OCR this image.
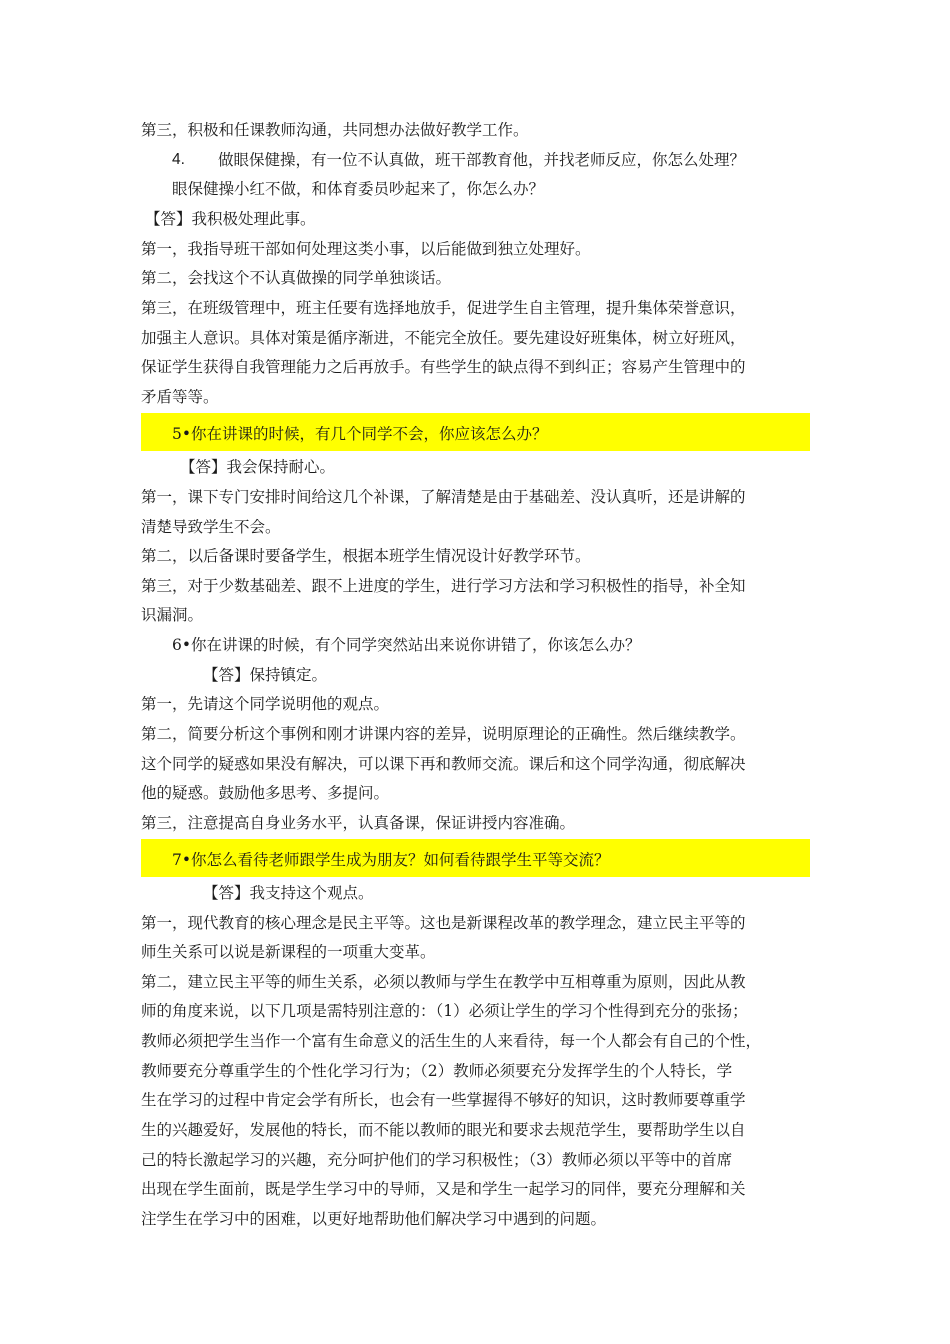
第三，积极和任课教师沟通，共同想办法做好教学工作。
4. 做眼保健操，有一位不认真做，班干部教育他，并找老师反应，你怎么处理？
眼保健操小红不做，和体育委员吵起来了，你怎么办？
【答】我积极处理此事。
第一，我指导班干部如何处理这类小事，以后能做到独立处理好。
第二，会找这个不认真做操的同学单独谈话。
第三，在班级管理中，班主任要有选择地放手，促进学生自主管理，提升集体荣誉意识，
加强主人意识。具体对策是循序渐进，不能完全放任。要先建设好班集体，树立好班风，
保证学生获得自我管理能力之后再放手。有些学生的缺点得不到纠正；容易产生管理中的
矛盾等等。
5•你在讲课的时候，有几个同学不会，你应该怎么办？
【答】我会保持耐心。
第一，课下专门安排时间给这几个补课，了解清楚是由于基础差、没认真听，还是讲解的
清楚导致学生不会。
第二，以后备课时要备学生，根据本班学生情况设计好教学环节。
第三，对于少数基础差、跟不上进度的学生，进行学习方法和学习积极性的指导，补全知
识漏洞。
6•你在讲课的时候，有个同学突然站出来说你讲错了，你该怎么办？
【答】保持镇定。
第一，先请这个同学说明他的观点。
第二，简要分析这个事例和刚才讲课内容的差异，说明原理论的正确性。然后继续教学。
这个同学的疑惑如果没有解决，可以课下再和教师交流。课后和这个同学沟通，彻底解决
他的疑惑。鼓励他多思考、多提问。
第三，注意提高自身业务水平，认真备课，保证讲授内容准确。
7•你怎么看待老师跟学生成为朋友？如何看待跟学生平等交流？
【答】我支持这个观点。
第一，现代教育的核心理念是民主平等。这也是新课程改革的教学理念，建立民主平等的
师生关系可以说是新课程的一项重大变革。
第二，建立民主平等的师生关系，必须以教师与学生在教学中互相尊重为原则，因此从教
师的角度来说，以下几项是需特别注意的：（1）必须让学生的学习个性得到充分的张扬；
教师必须把学生当作一个富有生命意义的活生生的人来看待，每一个人都会有自己的个性，
教师要充分尊重学生的个性化学习行为；（2）教师必须要充分发挥学生的个人特长，学
生在学习的过程中肯定会学有所长，也会有一些掌握得不够好的知识，这时教师要尊重学
生的兴趣爱好，发展他的特长，而不能以教师的眼光和要求去规范学生，要帮助学生以自
己的特长激起学习的兴趣，充分呵护他们的学习积极性；（3）教师必须以平等中的首席
出现在学生面前，既是学生学习中的导师，又是和学生一起学习的同伴，要充分理解和关
注学生在学习中的困难，以更好地帮助他们解决学习中遇到的问题。
